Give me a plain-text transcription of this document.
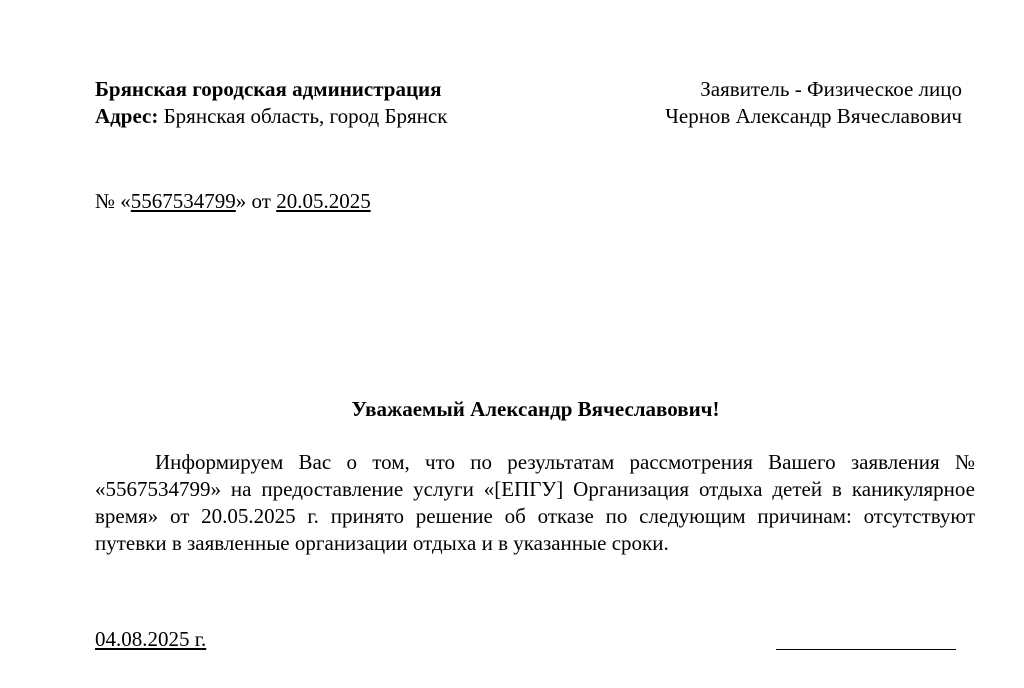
Брянская городская администрация
Адрес: Брянская область, город Брянск
Заявитель - Физическое лицо
Чернов Александр Вячеславович
№ «5567534799» от 20.05.2025
Уважаемый Александр Вячеславович!
Информируем Вас о том, что по результатам рассмотрения Вашего заявления № «5567534799» на предоставление услуги «[ЕПГУ] Организация отдыха детей в каникулярное время» от 20.05.2025 г. принято решение об отказе по следующим причинам: отсутствуют путевки в заявленные организации отдыха и в указанные сроки.
04.08.2025 г.
